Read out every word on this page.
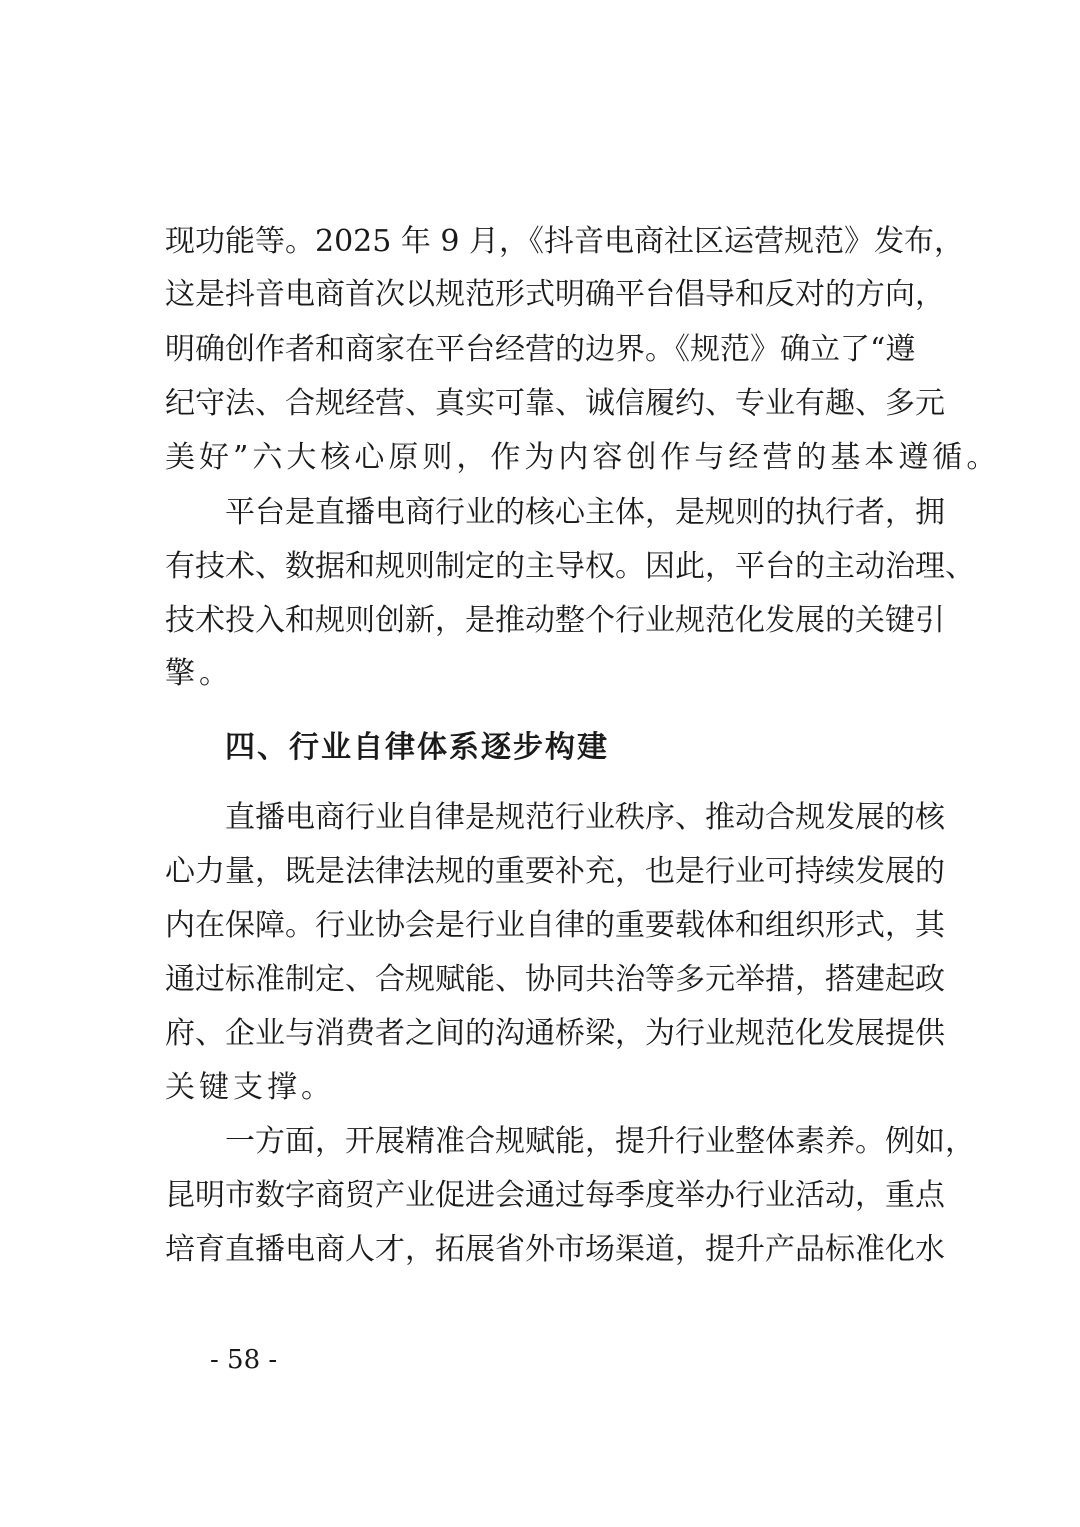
现功能等。2025 年 9 月，《抖音电商社区运营规范》发布，
这是抖音电商首次以规范形式明确平台倡导和反对的方向，
明确创作者和商家在平台经营的边界。《规范》确立了“遵
纪守法、合规经营、真实可靠、诚信履约、专业有趣、多元
美好”六大核心原则，作为内容创作与经营的基本遵循。
平台是直播电商行业的核心主体，是规则的执行者，拥
有技术、数据和规则制定的主导权。因此，平台的主动治理、
技术投入和规则创新，是推动整个行业规范化发展的关键引
擎。
四、行业自律体系逐步构建
直播电商行业自律是规范行业秩序、推动合规发展的核
心力量，既是法律法规的重要补充，也是行业可持续发展的
内在保障。行业协会是行业自律的重要载体和组织形式，其
通过标准制定、合规赋能、协同共治等多元举措，搭建起政
府、企业与消费者之间的沟通桥梁，为行业规范化发展提供
关键支撑。
一方面，开展精准合规赋能，提升行业整体素养。例如，
昆明市数字商贸产业促进会通过每季度举办行业活动，重点
培育直播电商人才，拓展省外市场渠道，提升产品标准化水
- 58 -
